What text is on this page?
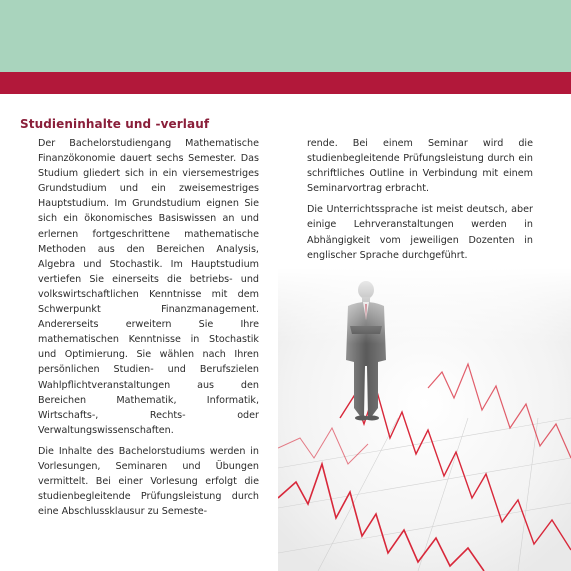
Studieninhalte und -verlauf

Der Bachelorstudiengang Mathematische Finanzökonomie dauert sechs Semester. Das Studium gliedert sich in ein viersemestriges Grundstudium und ein zweisemestriges Hauptstudium. Im Grundstudium eignen Sie sich ein ökonomisches Basiswissen an und erlernen fortgeschrittene mathematische Methoden aus den Bereichen Analysis, Algebra und Stochastik. Im Hauptstudium vertiefen Sie einerseits die betriebs- und volkswirtschaftlichen Kenntnisse mit dem Schwerpunkt Finanzmanagement. Andererseits erweitern Sie Ihre mathematischen Kenntnisse in Stochastik und Optimierung. Sie wählen nach Ihren persönlichen Studien- und Berufszielen Wahlpflichtveranstaltungen aus den Bereichen Mathematik, Informatik, Wirtschafts-, Rechts- oder Verwaltungswissenschaften.

Die Inhalte des Bachelorstudiums werden in Vorlesungen, Seminaren und Übungen vermittelt. Bei einer Vorlesung erfolgt die studienbegleitende Prüfungsleistung durch eine Abschlussklausur zu Semeste-

rende. Bei einem Seminar wird die studienbegleitende Prüfungsleistung durch ein schriftliches Outline in Verbindung mit einem Seminarvortrag erbracht.

Die Unterrichtssprache ist meist deutsch, aber einige Lehrveranstaltungen werden in Abhängigkeit vom jeweiligen Dozenten in englischer Sprache durchgeführt.
